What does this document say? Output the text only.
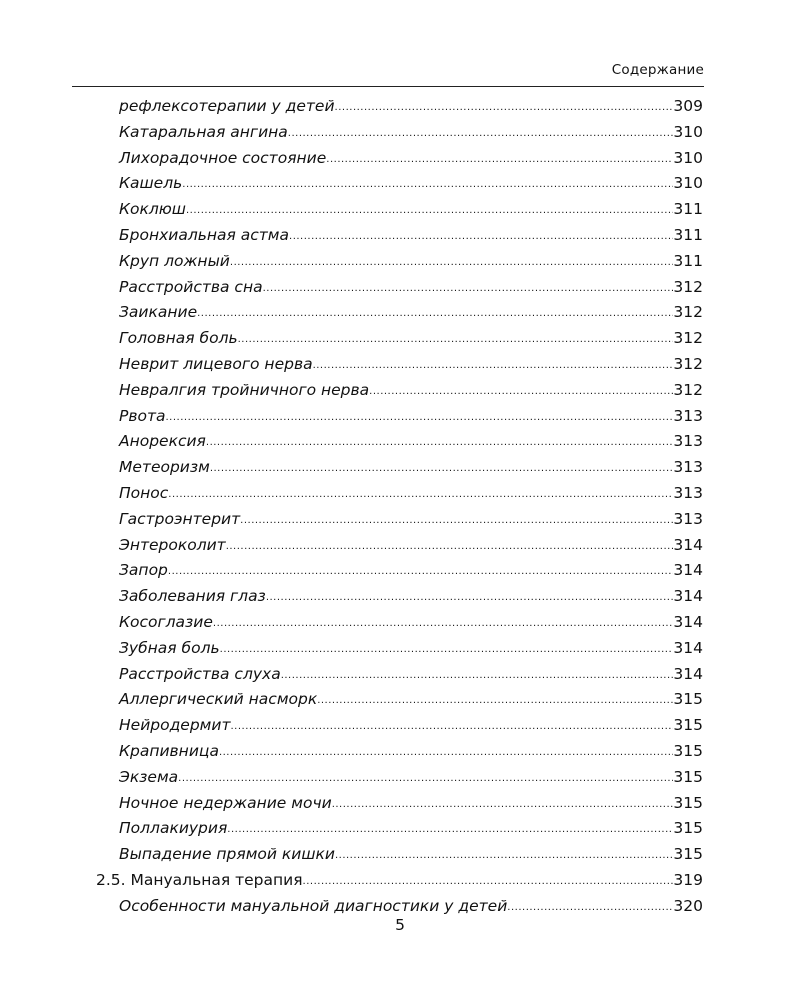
Содержание
рефлексотерапии у детей .....	309
Катаральная ангина .....	310
Лихорадочное состояние .....	310
Кашель .....	310
Коклюш .....	311
Бронхиальная астма .....	311
Круп ложный .....	311
Расстройства сна .....	312
Заикание .....	312
Головная боль .....	312
Неврит лицевого нерва .....	312
Невралгия тройничного нерва .....	312
Рвота .....	313
Анорексия .....	313
Метеоризм .....	313
Понос .....	313
Гастроэнтерит .....	313
Энтероколит .....	314
Запор .....	314
Заболевания глаз .....	314
Косоглазие .....	314
Зубная боль .....	314
Расстройства слуха .....	314
Аллергический насморк .....	315
Нейродермит .....	315
Крапивница .....	315
Экзема .....	315
Ночное недержание мочи .....	315
Поллакиурия .....	315
Выпадение прямой кишки .....	315
2.5. Мануальная терапия .....	319
Особенности мануальной диагностики у детей .....	320
5
